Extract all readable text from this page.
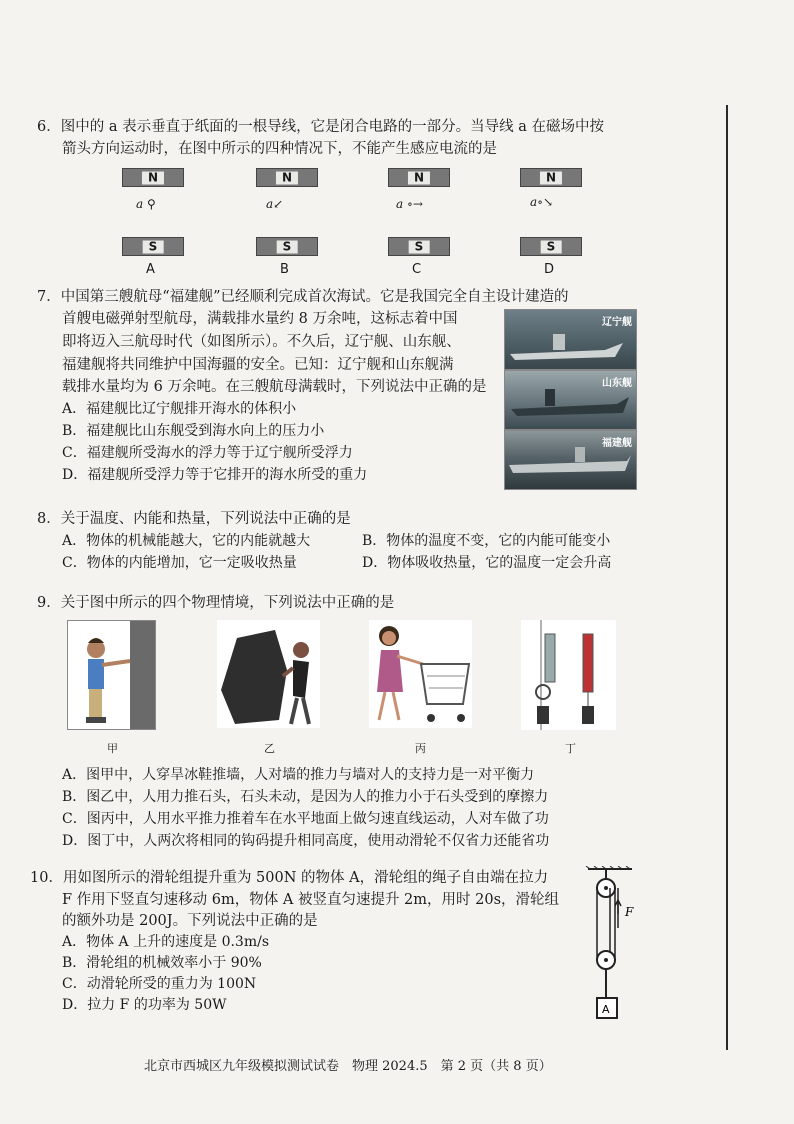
6．图中的 a 表示垂直于纸面的一根导线，它是闭合电路的一部分。当导线 a 在磁场中按
箭头方向运动时，在图中所示的四种情况下，不能产生感应电流的是
N
a ⚲
S
A
N
a↙
S
B
N
a ∘→
S
C
N
a∘↘
S
D
7．中国第三艘航母“福建舰”已经顺利完成首次海试。它是我国完全自主设计建造的
首艘电磁弹射型航母，满载排水量约 8 万余吨，这标志着中国
即将迈入三航母时代（如图所示）。不久后，辽宁舰、山东舰、
福建舰将共同维护中国海疆的安全。已知：辽宁舰和山东舰满
载排水量均为 6 万余吨。在三艘航母满载时，下列说法中正确的是
A．福建舰比辽宁舰排开海水的体积小
B．福建舰比山东舰受到海水向上的压力小
C．福建舰所受海水的浮力等于辽宁舰所受浮力
D．福建舰所受浮力等于它排开的海水所受的重力
辽宁舰
山东舰
福建舰
8．关于温度、内能和热量，下列说法中正确的是
A．物体的机械能越大，它的内能就越大	B．物体的温度不变，它的内能可能变小
C．物体的内能增加，它一定吸收热量	D．物体吸收热量，它的温度一定会升高
9．关于图中所示的四个物理情境，下列说法中正确的是
甲	乙	丙	丁
A．图甲中，人穿旱冰鞋推墙，人对墙的推力与墙对人的支持力是一对平衡力
B．图乙中，人用力推石头，石头未动，是因为人的推力小于石头受到的摩擦力
C．图丙中，人用水平推力推着车在水平地面上做匀速直线运动，人对车做了功
D．图丁中，人两次将相同的钩码提升相同高度，使用动滑轮不仅省力还能省功
10．用如图所示的滑轮组提升重为 500N 的物体 A，滑轮组的绳子自由端在拉力
F 作用下竖直匀速移动 6m，物体 A 被竖直匀速提升 2m，用时 20s，滑轮组
的额外功是 200J。下列说法中正确的是
A．物体 A 上升的速度是 0.3m/s
B．滑轮组的机械效率小于 90%
C．动滑轮所受的重力为 100N
D．拉力 F 的功率为 50W
F
A
北京市西城区九年级模拟测试试卷　物理 2024.5　第 2 页（共 8 页）
